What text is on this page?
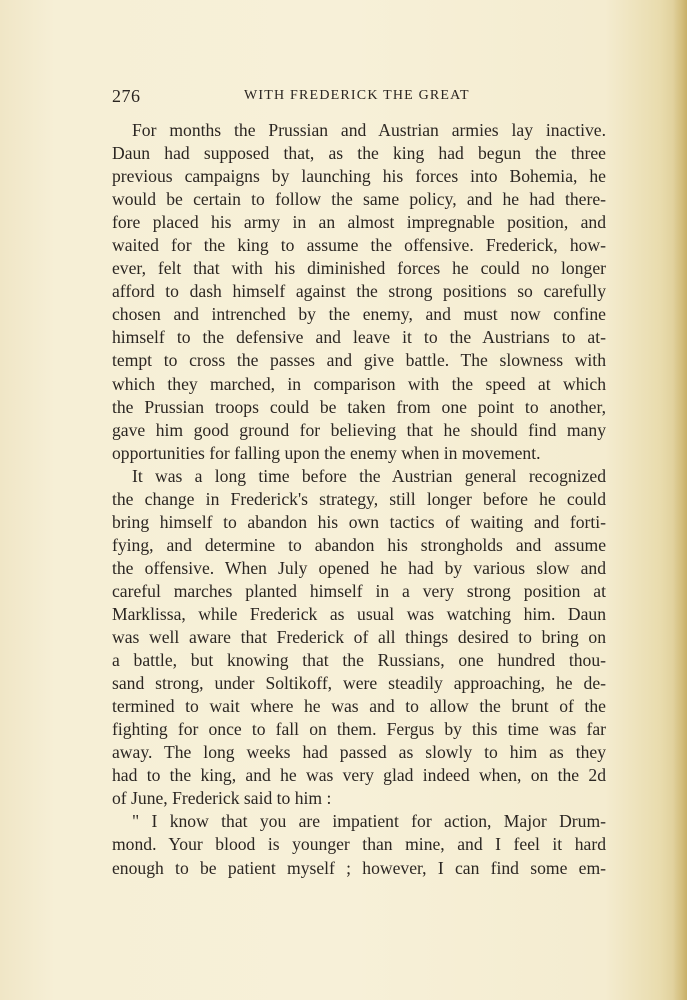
276	WITH FREDERICK THE GREAT

For months the Prussian and Austrian armies lay inactive.
Daun had supposed that, as the king had begun the three
previous campaigns by launching his forces into Bohemia, he
would be certain to follow the same policy, and he had there-
fore placed his army in an almost impregnable position, and
waited for the king to assume the offensive. Frederick, how-
ever, felt that with his diminished forces he could no longer
afford to dash himself against the strong positions so carefully
chosen and intrenched by the enemy, and must now confine
himself to the defensive and leave it to the Austrians to at-
tempt to cross the passes and give battle. The slowness with
which they marched, in comparison with the speed at which
the Prussian troops could be taken from one point to another,
gave him good ground for believing that he should find many
opportunities for falling upon the enemy when in movement.

It was a long time before the Austrian general recognized
the change in Frederick's strategy, still longer before he could
bring himself to abandon his own tactics of waiting and forti-
fying, and determine to abandon his strongholds and assume
the offensive. When July opened he had by various slow and
careful marches planted himself in a very strong position at
Marklissa, while Frederick as usual was watching him. Daun
was well aware that Frederick of all things desired to bring on
a battle, but knowing that the Russians, one hundred thou-
sand strong, under Soltikoff, were steadily approaching, he de-
termined to wait where he was and to allow the brunt of the
fighting for once to fall on them. Fergus by this time was far
away. The long weeks had passed as slowly to him as they
had to the king, and he was very glad indeed when, on the 2d
of June, Frederick said to him :

" I know that you are impatient for action, Major Drum-
mond. Your blood is younger than mine, and I feel it hard
enough to be patient myself ; however, I can find some em-
